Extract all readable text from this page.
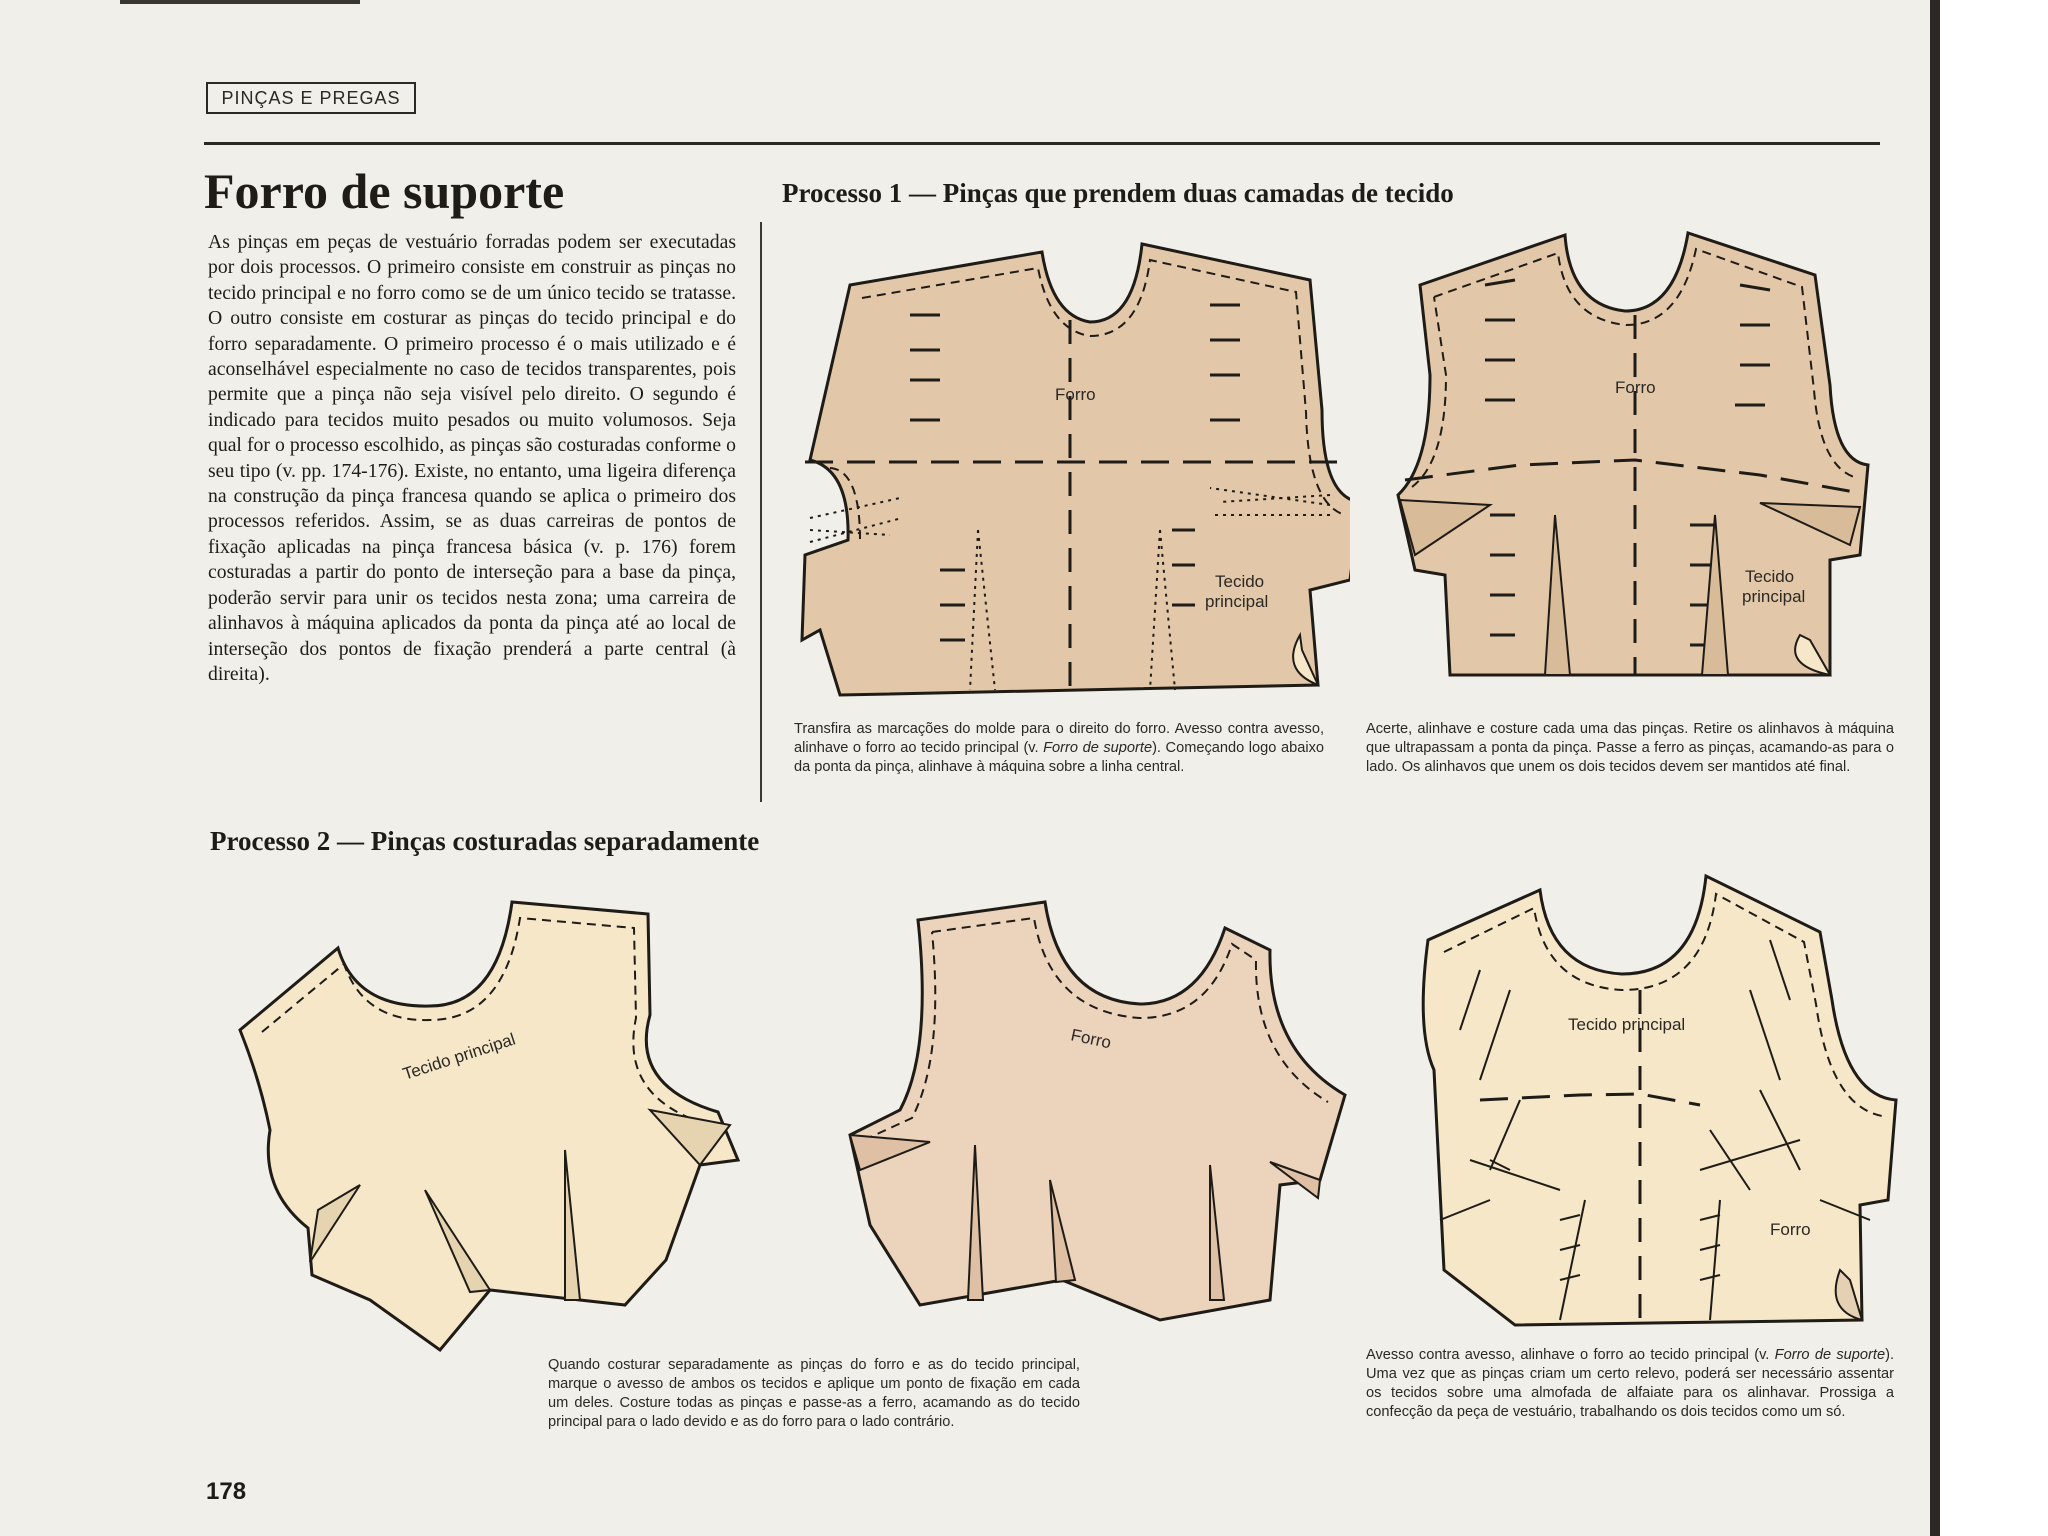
PINÇAS E PREGAS
Forro de suporte

As pinças em peças de vestuário forradas podem ser executadas por dois processos. O primeiro consiste em construir as pinças no tecido principal e no forro como se de um único tecido se tratasse. O outro consiste em costurar as pinças do tecido principal e do forro separadamente. O primeiro processo é o mais utilizado e é aconselhável especialmente no caso de tecidos transparentes, pois permite que a pinça não seja visível pelo direito. O segundo é indicado para tecidos muito pesados ou muito volumosos. Seja qual for o processo escolhido, as pinças são costuradas conforme o seu tipo (v. pp. 174-176). Existe, no entanto, uma ligeira diferença na construção da pinça francesa quando se aplica o primeiro dos processos referidos. Assim, se as duas carreiras de pontos de fixação aplicadas na pinça francesa básica (v. p. 176) forem costuradas a partir do ponto de interseção para a base da pinça, poderão servir para unir os tecidos nesta zona; uma carreira de alinhavos à máquina aplicados da ponta da pinça até ao local de interseção dos pontos de fixação prenderá a parte central (à direita).

Processo 1 — Pinças que prendem duas camadas de tecido
Forro
Tecido
principal
Forro
Tecido
principal

Transfira as marcações do molde para o direito do forro. Avesso contra avesso, alinhave o forro ao tecido principal (v. Forro de suporte). Começando logo abaixo da ponta da pinça, alinhave à máquina sobre a linha central.

Acerte, alinhave e costure cada uma das pinças. Retire os alinhavos à máquina que ultrapassam a ponta da pinça. Passe a ferro as pinças, acamando-as para o lado. Os alinhavos que unem os dois tecidos devem ser mantidos até final.

Processo 2 — Pinças costuradas separadamente
Tecido principal	Forro
Tecido principal
Forro

Quando costurar separadamente as pinças do forro e as do tecido principal, marque o avesso de ambos os tecidos e aplique um ponto de fixação em cada um deles. Costure todas as pinças e passe-as a ferro, acamando as do tecido principal para o lado devido e as do forro para o lado contrário.

Avesso contra avesso, alinhave o forro ao tecido principal (v. Forro de suporte). Uma vez que as pinças criam um certo relevo, poderá ser necessário assentar os tecidos sobre uma almofada de alfaiate para os alinhavar. Prossiga a confecção da peça de vestuário, trabalhando os dois tecidos como um só.

178
